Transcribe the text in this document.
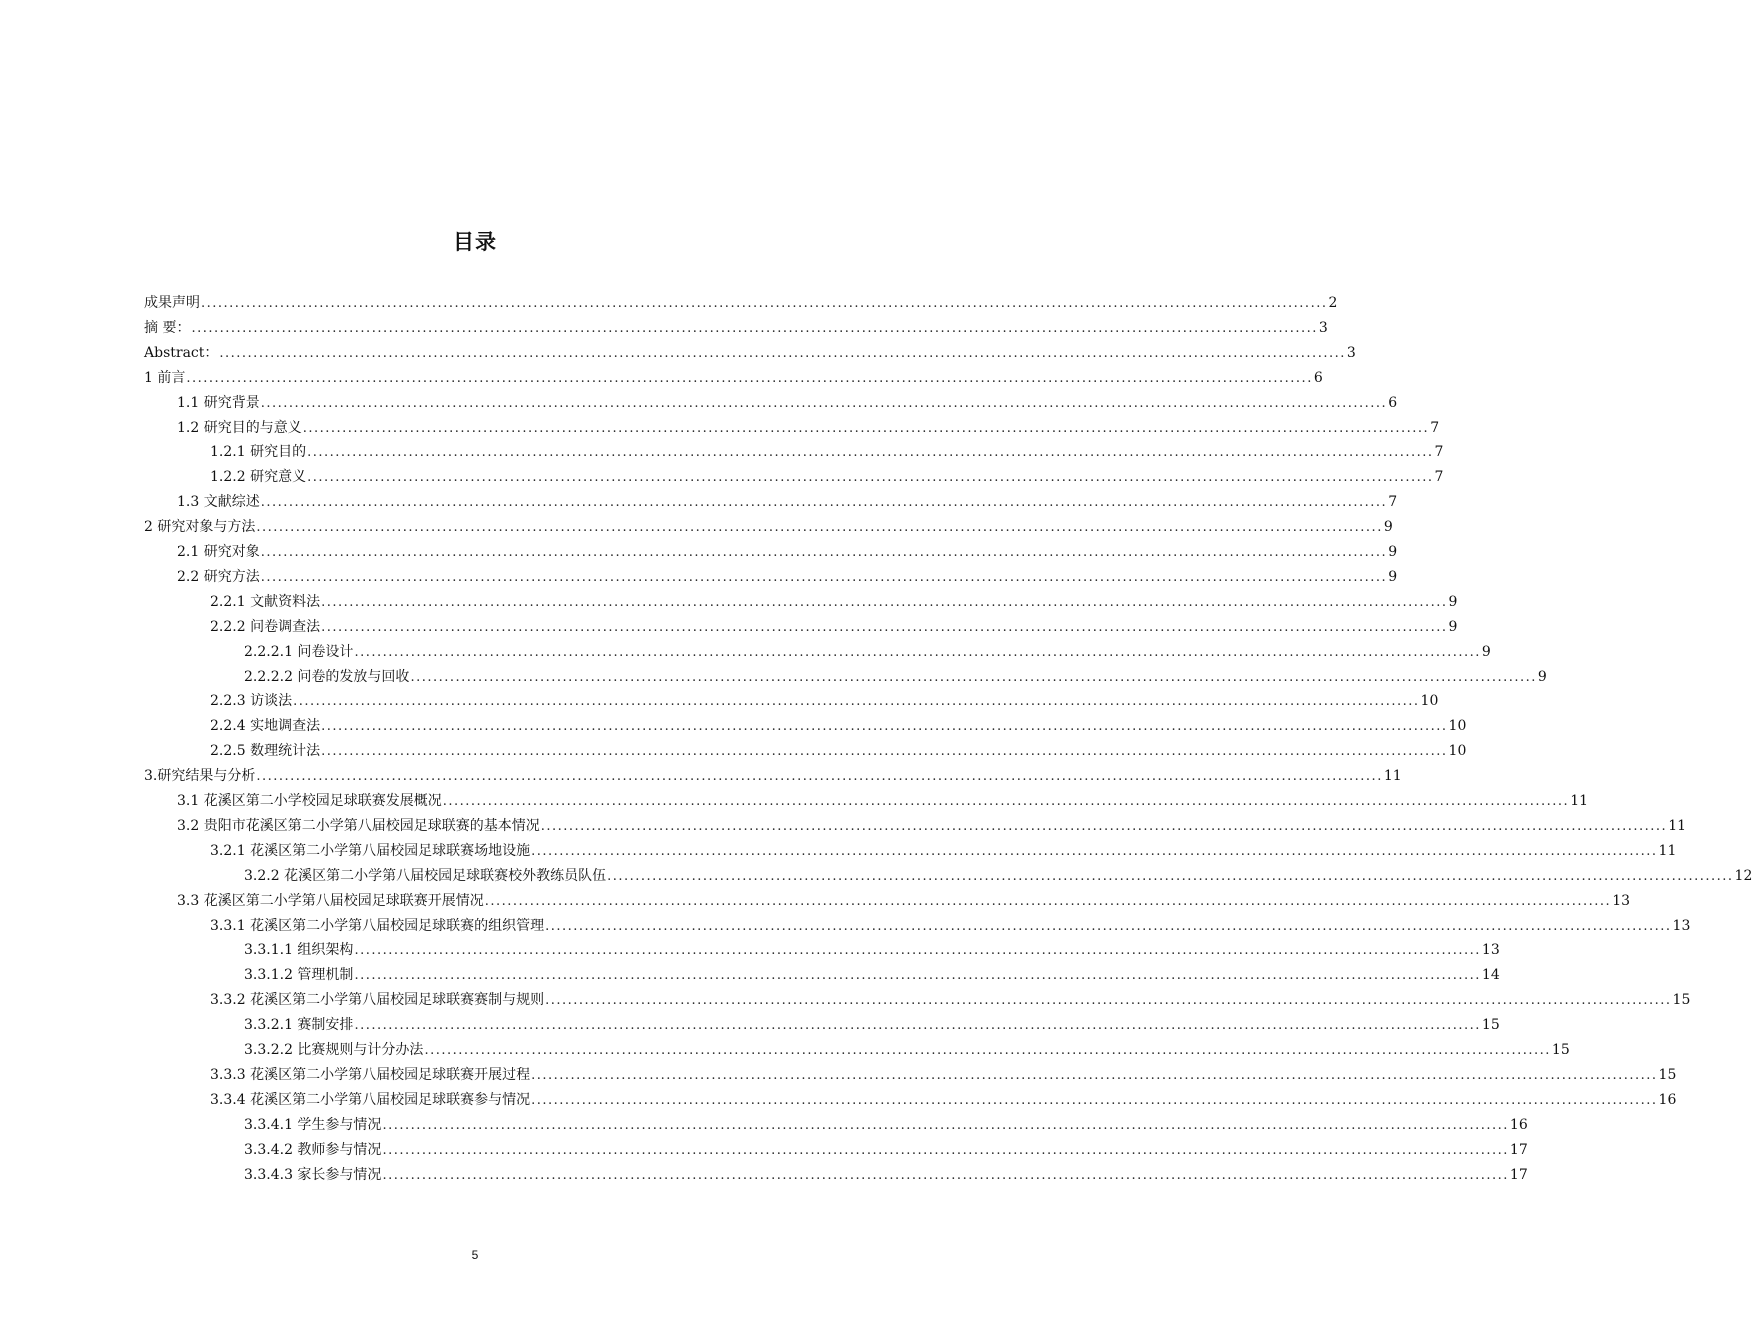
目录
成果声明 ........................................................................................................................................................................................................ 2
摘 要： ........................................................................................................................................................................................................ 3
Abstract： ........................................................................................................................................................................................................ 3
1 前言 ........................................................................................................................................................................................................ 6
1.1 研究背景 ........................................................................................................................................................................................................ 6
1.2 研究目的与意义 ........................................................................................................................................................................................................ 7
1.2.1 研究目的 ........................................................................................................................................................................................................ 7
1.2.2 研究意义 ........................................................................................................................................................................................................ 7
1.3 文献综述 ........................................................................................................................................................................................................ 7
2 研究对象与方法 ........................................................................................................................................................................................................ 9
2.1 研究对象 ........................................................................................................................................................................................................ 9
2.2 研究方法 ........................................................................................................................................................................................................ 9
2.2.1 文献资料法 ........................................................................................................................................................................................................ 9
2.2.2 问卷调查法 ........................................................................................................................................................................................................ 9
2.2.2.1 问卷设计 ........................................................................................................................................................................................................ 9
2.2.2.2 问卷的发放与回收 ........................................................................................................................................................................................................ 9
2.2.3 访谈法 ........................................................................................................................................................................................................ 10
2.2.4 实地调查法 ........................................................................................................................................................................................................ 10
2.2.5 数理统计法 ........................................................................................................................................................................................................ 10
3.研究结果与分析 ........................................................................................................................................................................................................ 11
3.1 花溪区第二小学校园足球联赛发展概况 ........................................................................................................................................................................................................ 11
3.2 贵阳市花溪区第二小学第八届校园足球联赛的基本情况 ........................................................................................................................................................................................................ 11
3.2.1 花溪区第二小学第八届校园足球联赛场地设施 ........................................................................................................................................................................................................ 11
3.2.2 花溪区第二小学第八届校园足球联赛校外教练员队伍 ........................................................................................................................................................................................................ 12
3.3 花溪区第二小学第八届校园足球联赛开展情况 ........................................................................................................................................................................................................ 13
3.3.1 花溪区第二小学第八届校园足球联赛的组织管理 ........................................................................................................................................................................................................ 13
3.3.1.1 组织架构 ........................................................................................................................................................................................................ 13
3.3.1.2 管理机制 ........................................................................................................................................................................................................ 14
3.3.2 花溪区第二小学第八届校园足球联赛赛制与规则 ........................................................................................................................................................................................................ 15
3.3.2.1 赛制安排 ........................................................................................................................................................................................................ 15
3.3.2.2 比赛规则与计分办法 ........................................................................................................................................................................................................ 15
3.3.3 花溪区第二小学第八届校园足球联赛开展过程 ........................................................................................................................................................................................................ 15
3.3.4 花溪区第二小学第八届校园足球联赛参与情况 ........................................................................................................................................................................................................ 16
3.3.4.1 学生参与情况 ........................................................................................................................................................................................................ 16
3.3.4.2 教师参与情况 ........................................................................................................................................................................................................ 17
3.3.4.3 家长参与情况 ........................................................................................................................................................................................................ 17
5
